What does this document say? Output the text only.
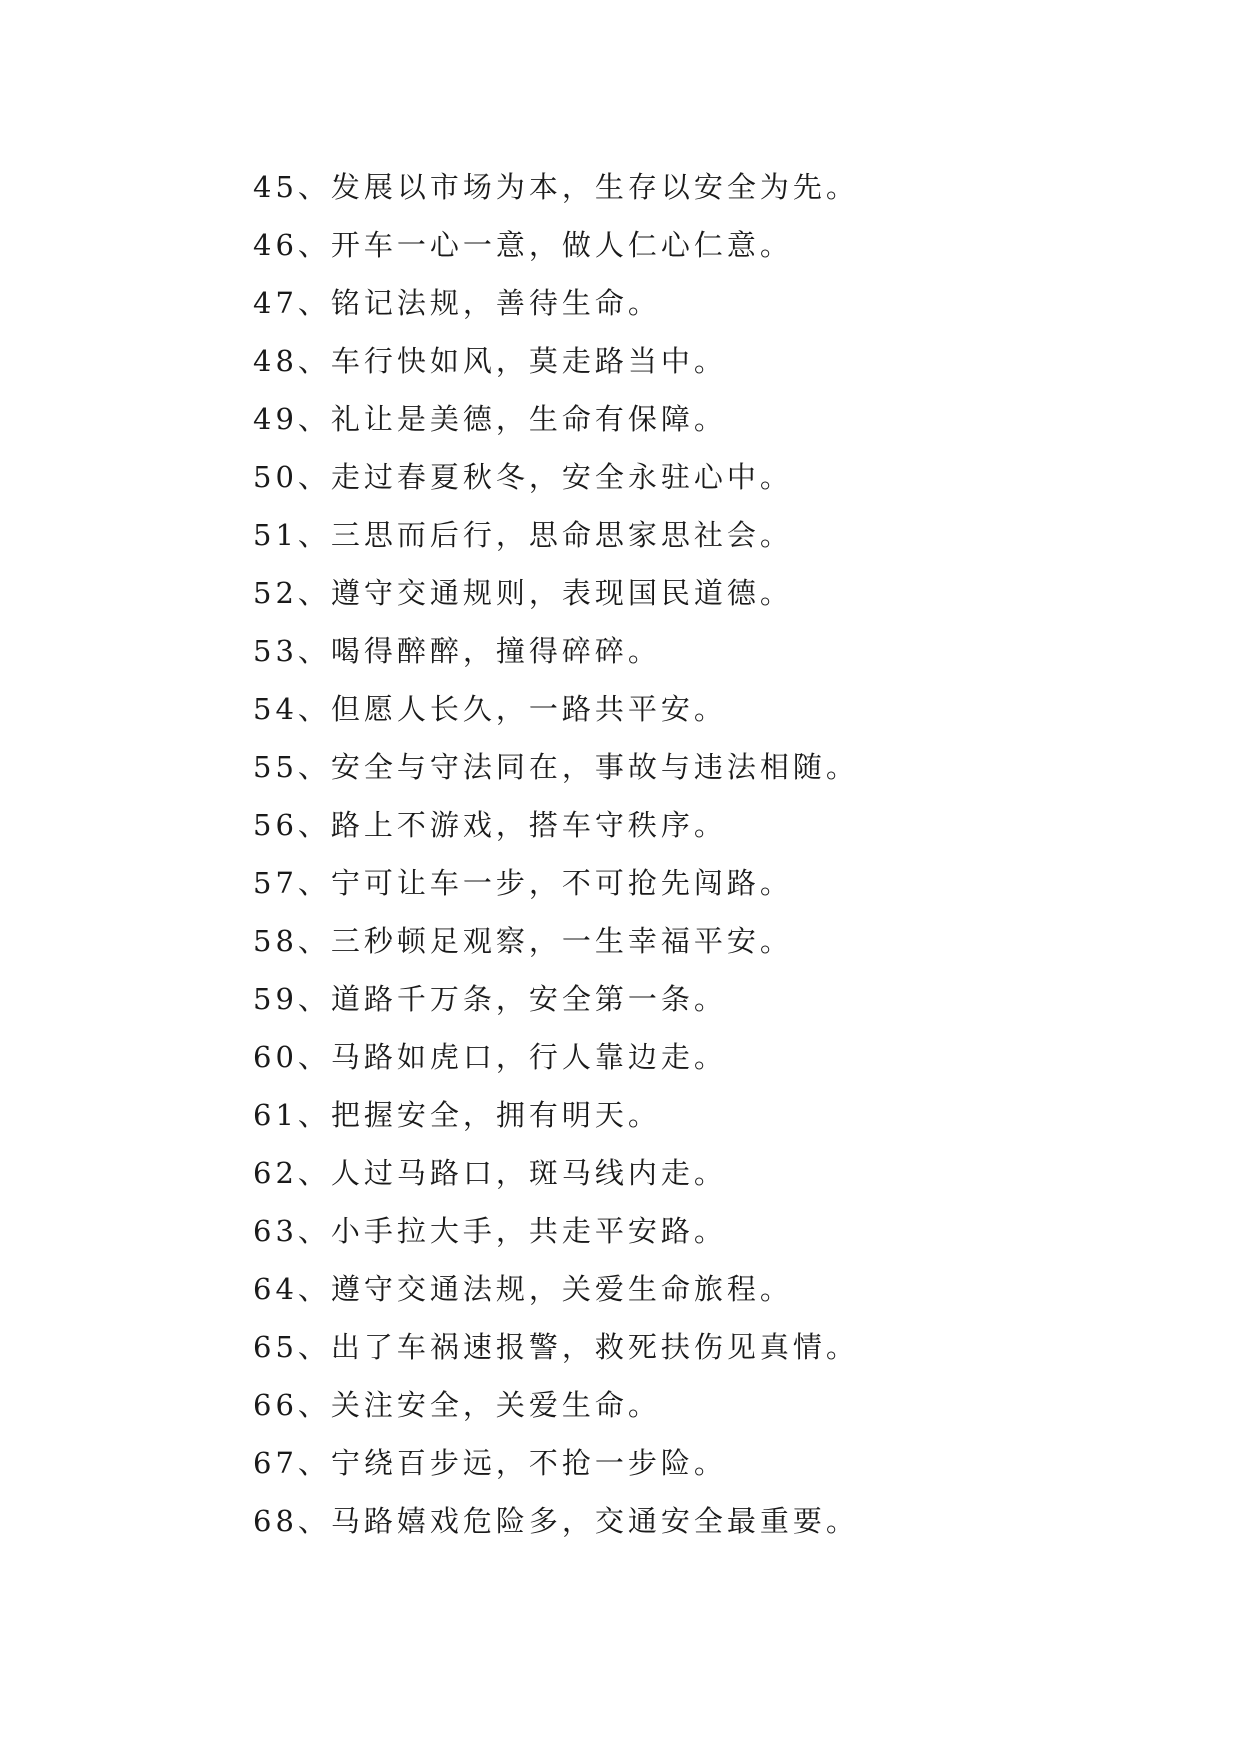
45、发展以市场为本，生存以安全为先。
46、开车一心一意，做人仁心仁意。
47、铭记法规，善待生命。
48、车行快如风，莫走路当中。
49、礼让是美德，生命有保障。
50、走过春夏秋冬，安全永驻心中。
51、三思而后行，思命思家思社会。
52、遵守交通规则，表现国民道德。
53、喝得醉醉，撞得碎碎。
54、但愿人长久，一路共平安。
55、安全与守法同在，事故与违法相随。
56、路上不游戏，搭车守秩序。
57、宁可让车一步，不可抢先闯路。
58、三秒顿足观察，一生幸福平安。
59、道路千万条，安全第一条。
60、马路如虎口，行人靠边走。
61、把握安全，拥有明天。
62、人过马路口，斑马线内走。
63、小手拉大手，共走平安路。
64、遵守交通法规，关爱生命旅程。
65、出了车祸速报警，救死扶伤见真情。
66、关注安全，关爱生命。
67、宁绕百步远，不抢一步险。
68、马路嬉戏危险多，交通安全最重要。
